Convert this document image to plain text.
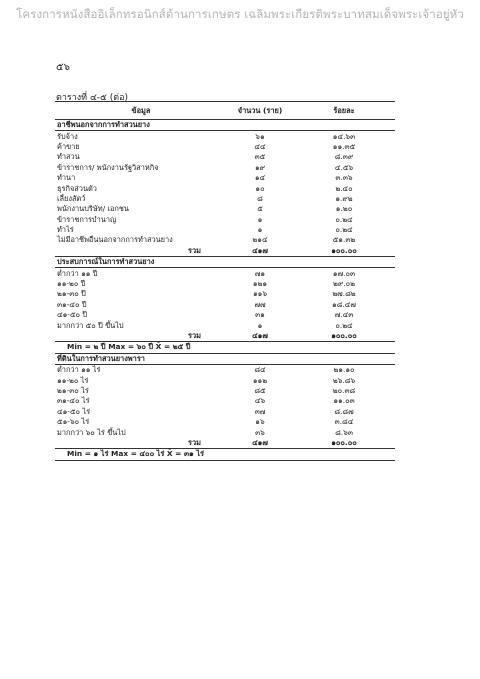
โครงการหนังสืออิเล็กทรอนิกส์ด้านการเกษตร เฉลิมพระเกียรติพระบาทสมเด็จพระเจ้าอยู่หัว
๕๖
ตารางที่ ๔-๕ (ต่อ)
ข้อมูล	จำนวน (ราย)	ร้อยละ
อาชีพนอกจากการทำสวนยาง		
รับจ้าง	๖๑	๑๔.๖๓
ค้าขาย	๔๔	๑๑.๓๕
ทำสวน	๓๕	๘.๓๙
ข้าราชการ/ พนักงานรัฐวิสาหกิจ	๑๙	๔.๕๖
ทำนา	๑๔	๓.๓๖
ธุรกิจส่วนตัว	๑๐	๒.๔๐
เลี้ยงสัตว์	๘	๑.๙๒
พนักงานบริษัท/ เอกชน	๕	๑.๒๐
ข้าราชการบำนาญ	๑	๐.๒๔
ทำไร่	๑	๐.๒๔
ไม่มีอาชีพอื่นนอกจากการทำสวนยาง	๒๑๔	๕๑.๓๒
รวม	๔๑๗	๑๐๐.๐๐
ประสบการณ์ในการทำสวนยาง		
ต่ำกว่า ๑๑ ปี	๗๑	๑๗.๐๓
๑๑-๒๐ ปี	๑๒๑	๒๙.๐๒
๒๑-๓๐ ปี	๑๑๖	๒๗.๘๒
๓๑-๔๐ ปี	๗๗	๑๘.๔๗
๔๑-๕๐ ปี	๓๑	๗.๔๓
มากกว่า ๕๐ ปี ขึ้นไป	๑	๐.๒๔
รวม	๔๑๗	๑๐๐.๐๐
Min = ๒ ปี Max = ๖๐ ปี X̄ = ๒๕ ปี		
ที่ดินในการทำสวนยางพารา		
ต่ำกว่า ๑๑ ไร่	๘๔	๒๑.๑๐
๑๑-๒๐ ไร่	๑๑๒	๒๖.๘๖
๒๑-๓๐ ไร่	๘๕	๒๐.๓๘
๓๑-๔๐ ไร่	๔๖	๑๑.๐๓
๔๑-๕๐ ไร่	๓๗	๘.๘๗
๕๑-๖๐ ไร่	๑๖	๓.๘๔
มากกว่า ๖๐ ไร่ ขึ้นไป	๓๖	๘.๖๓
รวม	๔๑๗	๑๐๐.๐๐
Min = ๑ ไร่ Max = ๔๐๐ ไร่ X̄ = ๓๑ ไร่		
